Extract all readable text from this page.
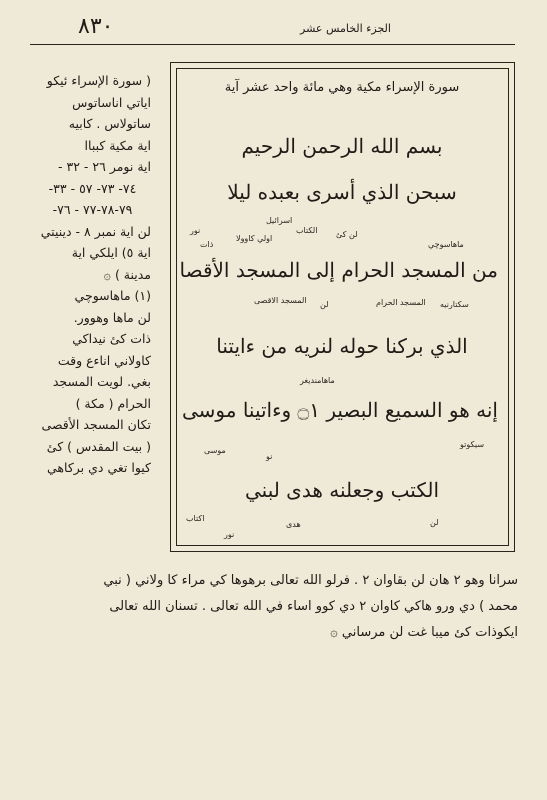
٨٣٠	الجزء الخامس عشر
( سورة الإسراء ئيكو
اياتي اناساتوس
ساتولاس . كابيه
اية مكية كبباا
اية نومر ٢٦ - ٣٢ -
-٧٤- ٧٣- ٥٧ - ٣٣
-٧٩-٧٨-٧٧ - ٧٦
لن اية نمبر ٨ - دينيتي
اية ٥) ايلكي اية
مدينة ) ۞
(١) ماهاسوچي
لن ماها وهوور.
ذات كئ نيداكي
كاولاني اناءع وقت
بغي. لويت المسجد
الحرام ( مكة )
تكان المسجد الأقصى
( بيت المقدس ) كئ
كيوا تغي دي بركاهي
سورة الإسراء مكية وهي مائة واحد عشر آية
بسم الله الرحمن الرحيم
سبحن الذي أسرى بعبده ليلا
من المسجد الحرام إلى المسجد الأقصا
الذي بركنا حوله لنريه من ءايتنا
إنه هو السميع البصير ۝١ وءاتينا موسى
الكتب وجعلنه هدى لبني
ماهاسوچي
لن كئ
اولي كاوولا
ذات
اسرائيل
الكتاب
نور
المسجد الحرام
المسجد الاقصى	سكتارنيه
لن
ماهامنديغر
سيكوتو
موسى
نو
لن
هدى
اكتاب
نور
سرانا وهو ٢ هان لن بقاوان ٢ . فرلو الله تعالى برهوها كي مراء كا ولاني ( نبي
محمد ) دي ورو هاكي كاوان ٢ دي كوو اساء في الله تعالى . تسنان الله تعالى
ايكوذات كئ ميبا غت لن مرساني ۞
